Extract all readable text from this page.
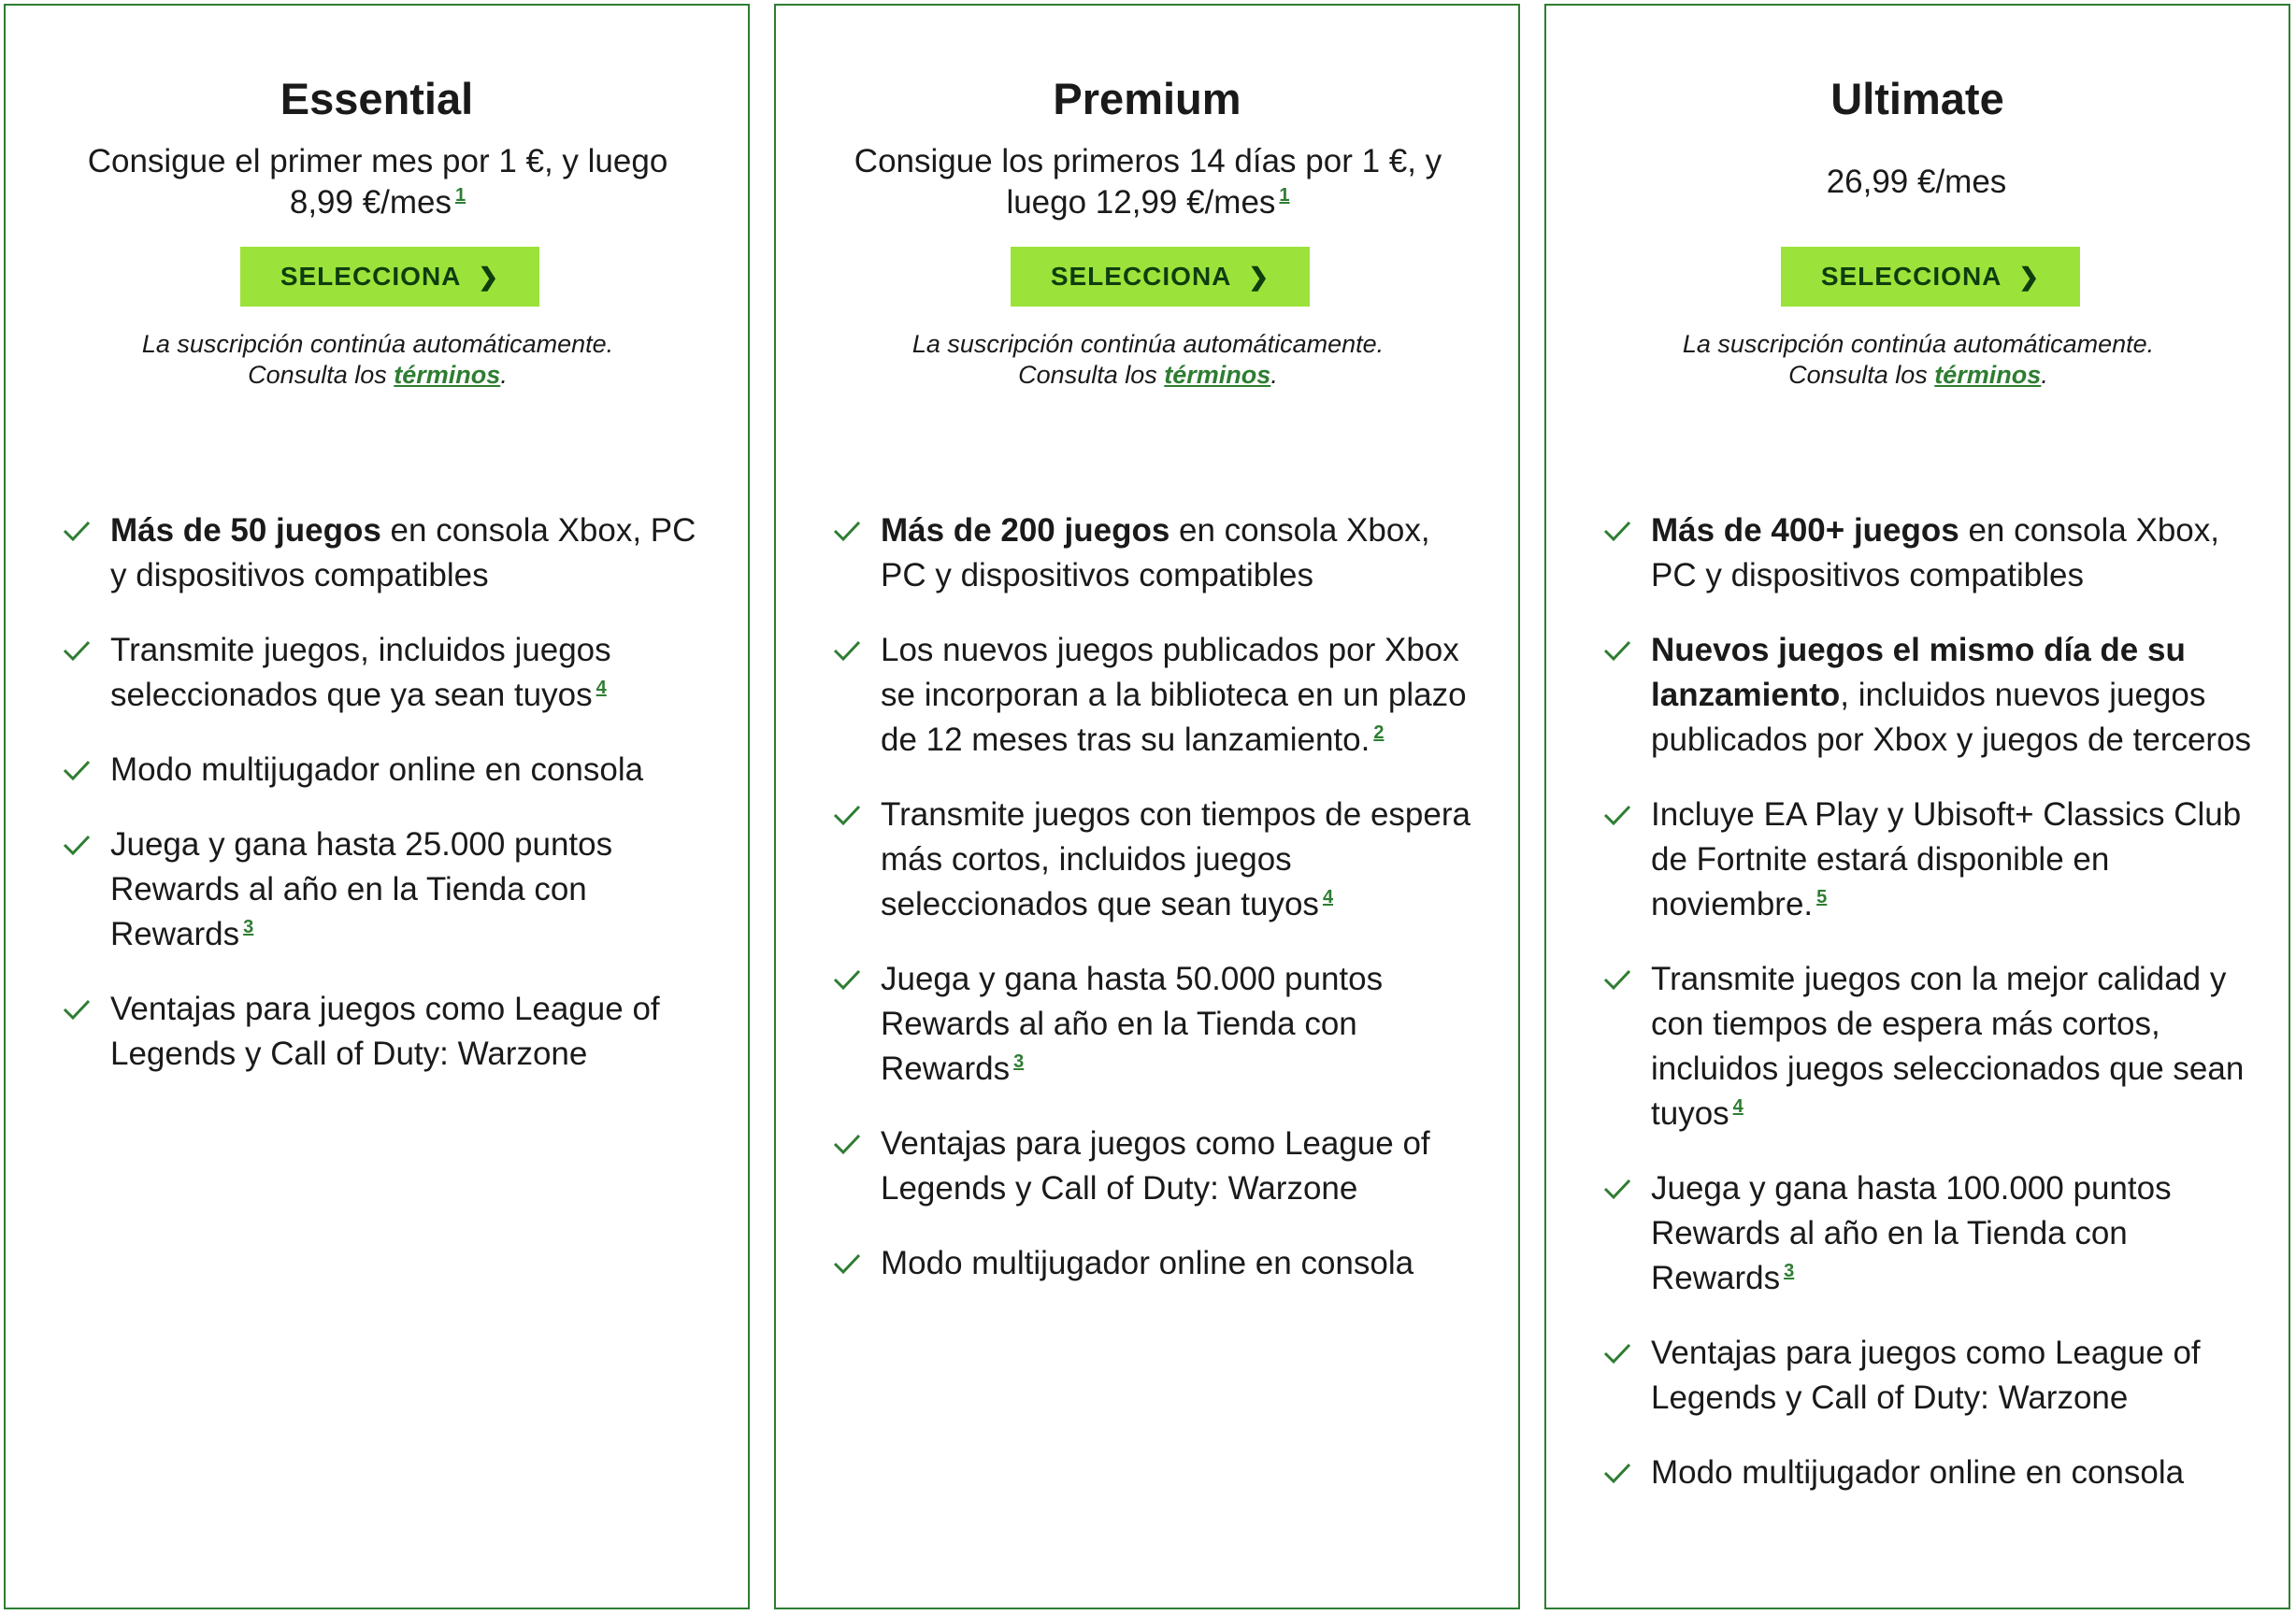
Essential
Consigue el primer mes por 1 €, y luego 8,99 €/mes $^1$
SELECCIONA ❯
La suscripción continúa automáticamente.
Consulta los términos.
Más de 50 juegos en consola Xbox, PC y dispositivos compatibles
Transmite juegos, incluidos juegos seleccionados que ya sean tuyos $^4$
Modo multijugador online en consola
Juega y gana hasta 25.000 puntos Rewards al año en la Tienda con Rewards $^3$
Ventajas para juegos como League of Legends y Call of Duty: Warzone
Premium
Consigue los primeros 14 días por 1 €, y luego 12,99 €/mes $^1$
SELECCIONA ❯
La suscripción continúa automáticamente.
Consulta los términos.
Más de 200 juegos en consola Xbox, PC y dispositivos compatibles
Los nuevos juegos publicados por Xbox se incorporan a la biblioteca en un plazo de 12 meses tras su lanzamiento. $^2$
Transmite juegos con tiempos de espera más cortos, incluidos juegos seleccionados que sean tuyos $^4$
Juega y gana hasta 50.000 puntos Rewards al año en la Tienda con Rewards $^3$
Ventajas para juegos como League of Legends y Call of Duty: Warzone
Modo multijugador online en consola
Ultimate
26,99 €/mes
SELECCIONA ❯
La suscripción continúa automáticamente.
Consulta los términos.
Más de 400+ juegos en consola Xbox, PC y dispositivos compatibles
Nuevos juegos el mismo día de su lanzamiento, incluidos nuevos juegos publicados por Xbox y juegos de terceros
Incluye EA Play y Ubisoft+ Classics Club de Fortnite estará disponible en noviembre. $^5$
Transmite juegos con la mejor calidad y con tiempos de espera más cortos, incluidos juegos seleccionados que sean tuyos $^4$
Juega y gana hasta 100.000 puntos Rewards al año en la Tienda con Rewards $^3$
Ventajas para juegos como League of Legends y Call of Duty: Warzone
Modo multijugador online en consola
